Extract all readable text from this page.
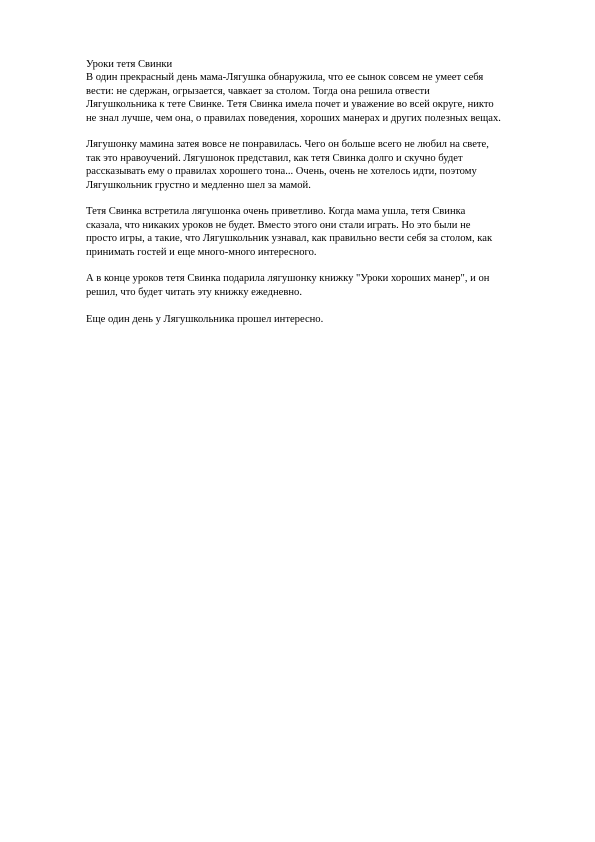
Уроки тетя Свинки
В один прекрасный день мама-Лягушка обнаружила, что ее сынок совсем не умеет себя
вести: не сдержан, огрызается, чавкает за столом. Тогда она решила отвести
Лягушкольника к тете Свинке. Тетя Свинка имела почет и уважение во всей округе, никто
не знал лучше, чем она, о правилах поведения, хороших манерах и других полезных вещах.
Лягушонку мамина затея вовсе не понравилась. Чего он больше всего не любил на свете,
так это нравоучений. Лягушонок представил, как тетя Свинка долго и скучно будет
рассказывать ему о правилах хорошего тона... Очень, очень не хотелось идти, поэтому
Лягушкольник грустно и медленно шел за мамой.
Тетя Свинка встретила лягушонка очень приветливо. Когда мама ушла, тетя Свинка
сказала, что никаких уроков не будет. Вместо этого они стали играть. Но это были не
просто игры, а такие, что Лягушкольник узнавал, как правильно вести себя за столом, как
принимать гостей и еще много-много интересного.
А в конце уроков тетя Свинка подарила лягушонку книжку "Уроки хороших манер", и он
решил, что будет читать эту книжку ежедневно.
Еще один день у Лягушкольника прошел интересно.
